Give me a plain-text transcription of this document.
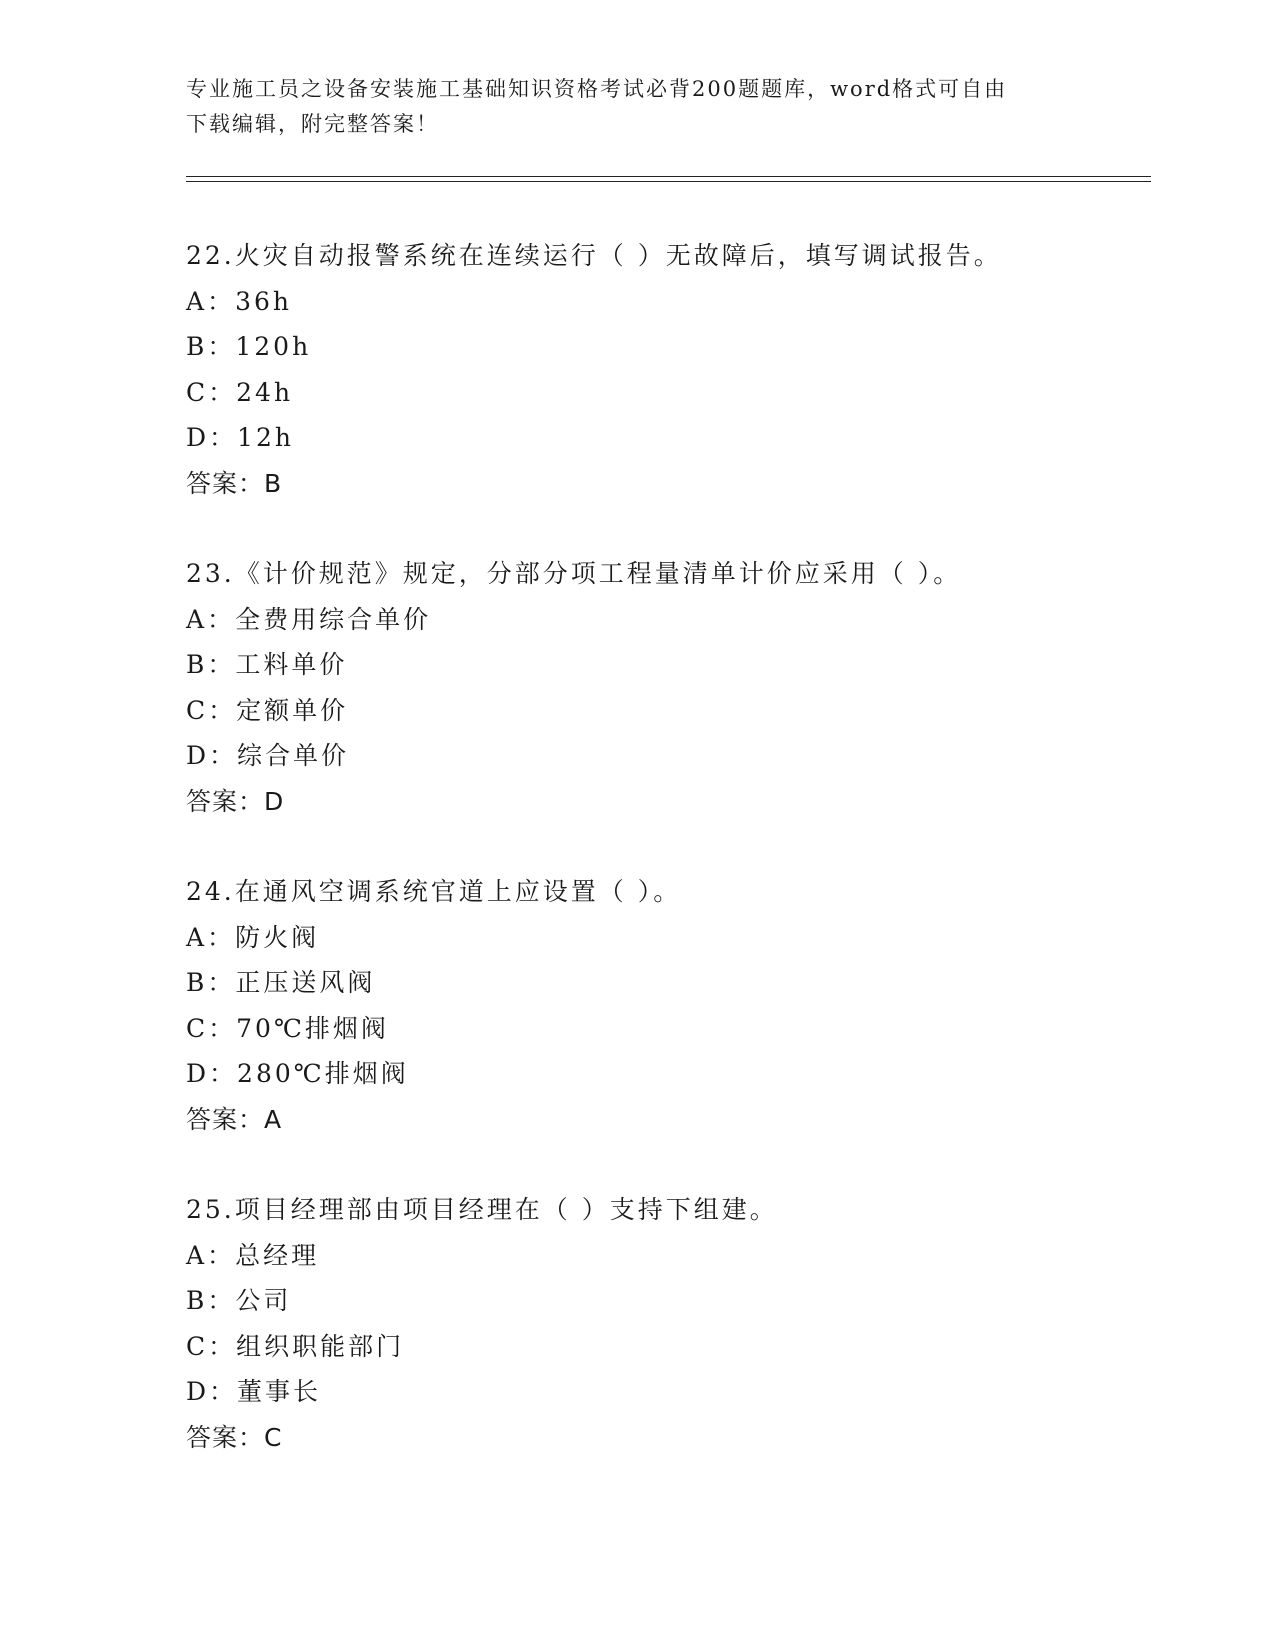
专业施工员之设备安装施工基础知识资格考试必背200题题库，word格式可自由
下载编辑，附完整答案！
22.火灾自动报警系统在连续运行（ ）无故障后，填写调试报告。
A：36h
B：120h
C：24h
D：12h
答案：B
23.《计价规范》规定，分部分项工程量清单计价应采用（ ）。
A：全费用综合单价
B：工料单价
C：定额单价
D：综合单价
答案：D
24.在通风空调系统官道上应设置（ ）。
A：防火阀
B：正压送风阀
C：70℃排烟阀
D：280℃排烟阀
答案：A
25.项目经理部由项目经理在（ ）支持下组建。
A：总经理
B：公司
C：组织职能部门
D：董事长
答案：C
